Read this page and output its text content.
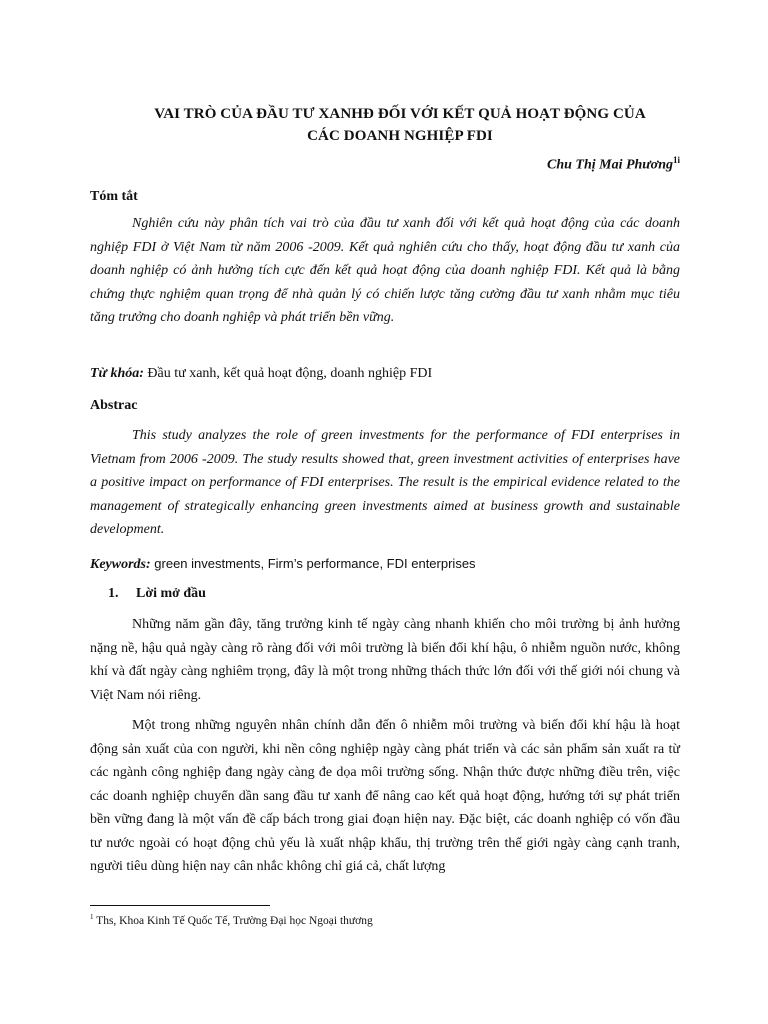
VAI TRÒ CỦA ĐẦU TƯ XANHĐ ĐỐI VỚI KẾT QUẢ HOẠT ĐỘNG CỦA
CÁC DOANH NGHIỆP FDI
Chu Thị Mai Phương$^{1i}$
Tóm tắt

Nghiên cứu này phân tích vai trò của đầu tư xanh đối với kết quả hoạt động của các doanh nghiệp FDI ở Việt Nam từ năm 2006 -2009. Kết quả nghiên cứu cho thấy, hoạt động đầu tư xanh của doanh nghiệp có ảnh hưởng tích cực đến kết quả hoạt động của doanh nghiệp FDI. Kết quả là bằng chứng thực nghiệm quan trọng để nhà quản lý có chiến lược tăng cường đầu tư xanh nhằm mục tiêu tăng trưởng cho doanh nghiệp và phát triển bền vững.

Từ khóa: Đầu tư xanh, kết quả hoạt động, doanh nghiệp FDI

Abstrac

This study analyzes the role of green investments for the performance of FDI enterprises in Vietnam from 2006 -2009. The study results showed that, green investment activities of enterprises have a positive impact on performance of FDI enterprises. The result is the empirical evidence related to the management of strategically enhancing green investments aimed at business growth and sustainable development.

Keywords: green investments, Firm’s performance, FDI enterprises

1. Lời mở đầu

Những năm gần đây, tăng trưởng kinh tế ngày càng nhanh khiến cho môi trường bị ảnh hưởng nặng nề, hậu quả ngày càng rõ ràng đối với môi trường là biến đổi khí hậu, ô nhiễm nguồn nước, không khí và đất ngày càng nghiêm trọng, đây là một trong những thách thức lớn đối với thế giới nói chung và Việt Nam nói riêng.

Một trong những nguyên nhân chính dẫn đến ô nhiễm môi trường và biến đổi khí hậu là hoạt động sản xuất của con người, khi nền công nghiệp ngày càng phát triển và các sản phẩm sản xuất ra từ các ngành công nghiệp đang ngày càng đe dọa môi trường sống. Nhận thức được những điều trên, việc các doanh nghiệp chuyển dần sang đầu tư xanh để nâng cao kết quả hoạt động, hướng tới sự phát triển bền vững đang là một vấn đề cấp bách trong giai đoạn hiện nay. Đặc biệt, các doanh nghiệp có vốn đầu tư nước ngoài có hoạt động chủ yếu là xuất nhập khẩu, thị trường trên thế giới ngày càng cạnh tranh, người tiêu dùng hiện nay cân nhắc không chỉ giá cả, chất lượng

$^1$ Ths, Khoa Kinh Tế Quốc Tế, Trường Đại học Ngoại thương
